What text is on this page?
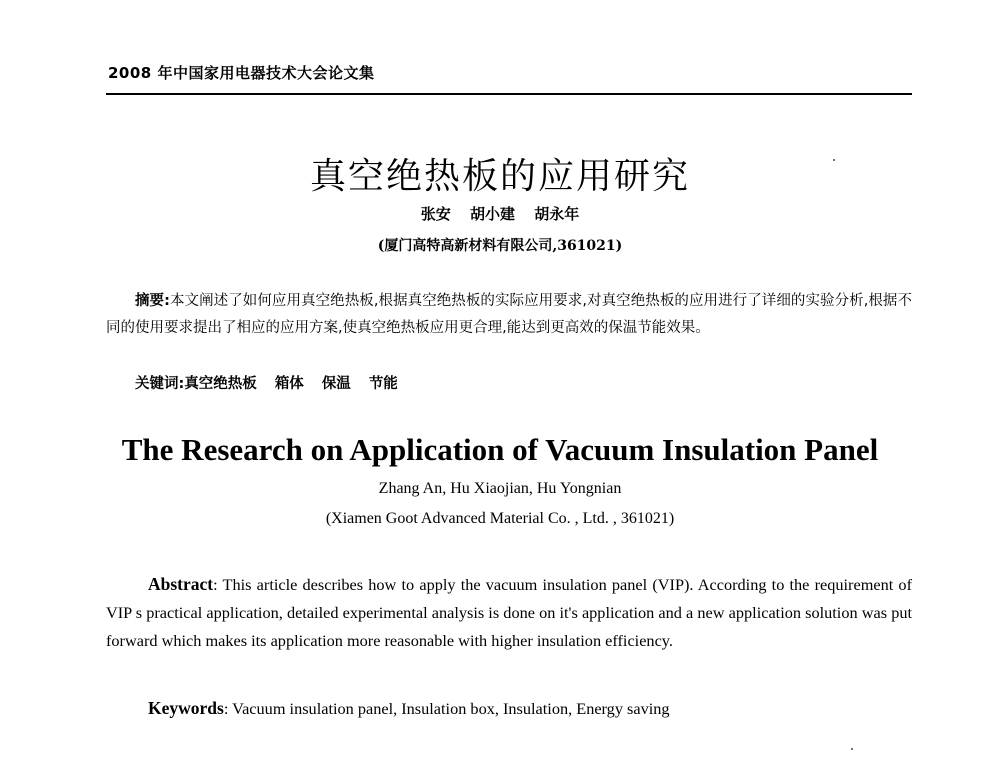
2008 年中国家用电器技术大会论文集
真空绝热板的应用研究
张安 胡小建 胡永年
(厦门高特高新材料有限公司,361021)
摘要:本文阐述了如何应用真空绝热板,根据真空绝热板的实际应用要求,对真空绝热板的应用进行了详细的实验分析,根据不同的使用要求提出了相应的应用方案,使真空绝热板应用更合理,能达到更高效的保温节能效果。
关键词:真空绝热板 箱体 保温 节能
The Research on Application of Vacuum Insulation Panel
Zhang An, Hu Xiaojian, Hu Yongnian
(Xiamen Goot Advanced Material Co. , Ltd. , 361021)
Abstract: This article describes how to apply the vacuum insulation panel (VIP). According to the requirement of VIP s practical application, detailed experimental analysis is done on it's application and a new application solution was put forward which makes its application more reasonable with higher insulation efficiency.
Keywords: Vacuum insulation panel, Insulation box, Insulation, Energy saving
